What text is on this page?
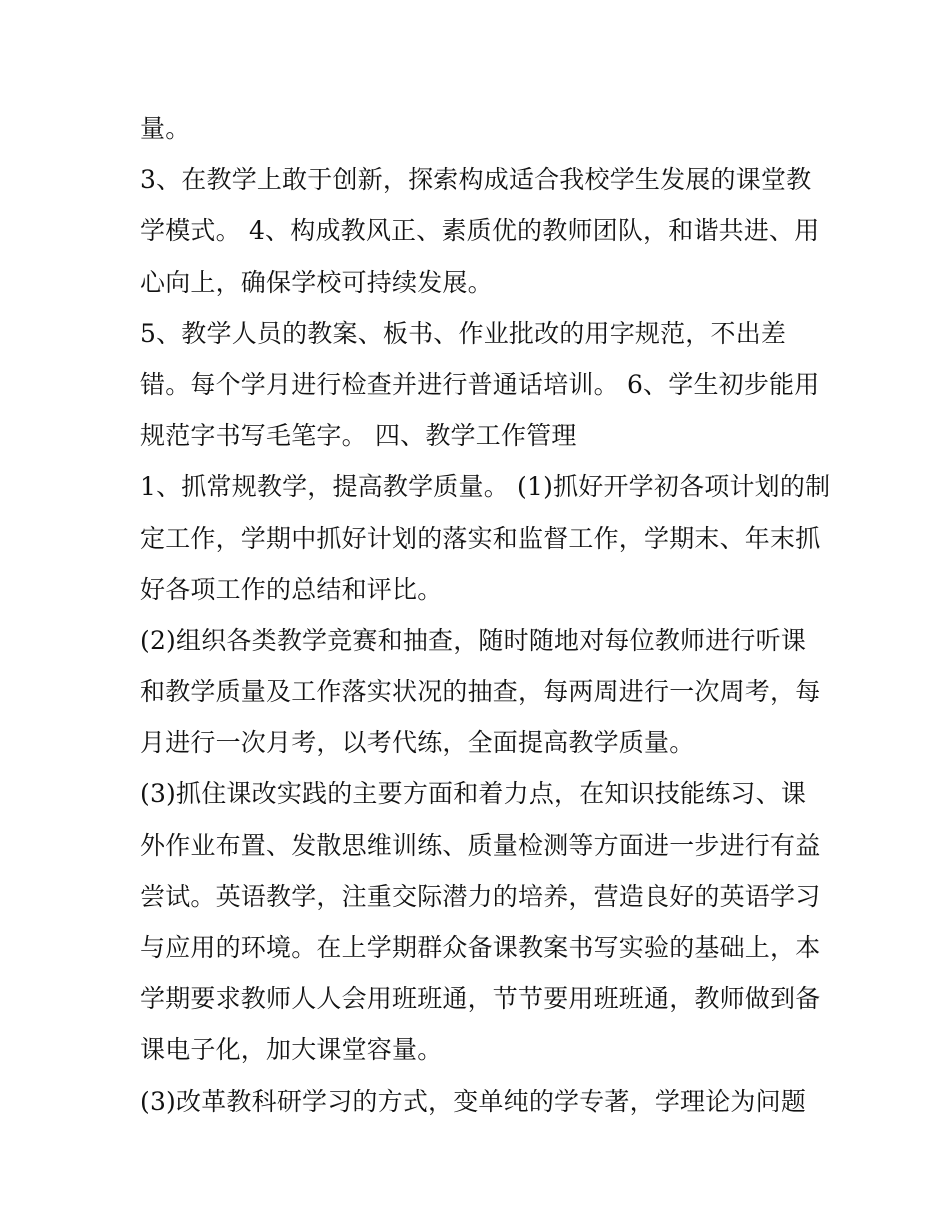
量。
3、在教学上敢于创新，探索构成适合我校学生发展的课堂教
学模式。 4、构成教风正、素质优的教师团队，和谐共进、用
心向上，确保学校可持续发展。
5、教学人员的教案、板书、作业批改的用字规范，不出差
错。每个学月进行检查并进行普通话培训。 6、学生初步能用
规范字书写毛笔字。 四、教学工作管理
1、抓常规教学，提高教学质量。 (1)抓好开学初各项计划的制
定工作，学期中抓好计划的落实和监督工作，学期末、年末抓
好各项工作的总结和评比。
(2)组织各类教学竞赛和抽查，随时随地对每位教师进行听课
和教学质量及工作落实状况的抽查，每两周进行一次周考，每
月进行一次月考，以考代练，全面提高教学质量。
(3)抓住课改实践的主要方面和着力点，在知识技能练习、课
外作业布置、发散思维训练、质量检测等方面进一步进行有益
尝试。英语教学，注重交际潜力的培养，营造良好的英语学习
与应用的环境。在上学期群众备课教案书写实验的基础上，本
学期要求教师人人会用班班通，节节要用班班通，教师做到备
课电子化，加大课堂容量。
(3)改革教科研学习的方式，变单纯的学专著，学理论为问题
